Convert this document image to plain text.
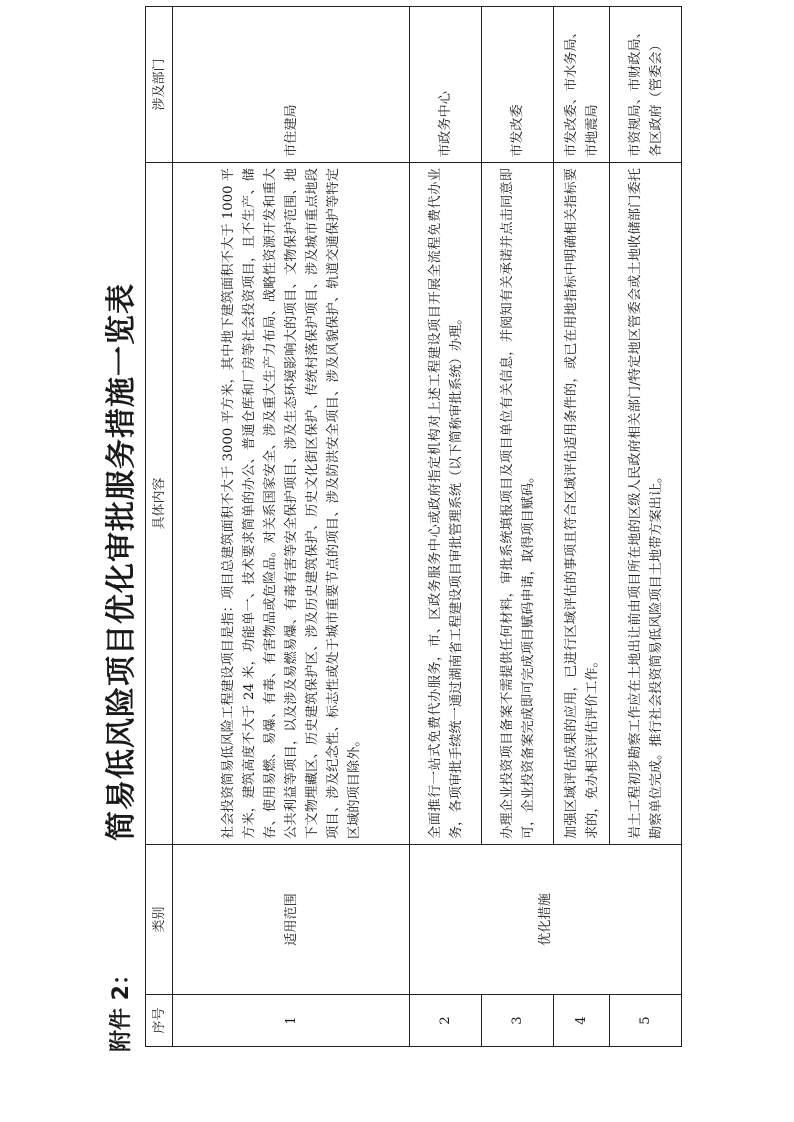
附件 2：
简易低风险项目优化审批服务措施一览表
序号	类别	具体内容	涉及部门
1	适用范围	社会投资简易低风险工程建设项目是指：项目总建筑面积不大于 3000 平方米，其中地下建筑面积不大于 1000 平方米，建筑高度不大于 24 米，功能单一、技术要求简单的办公、普通仓库和厂房等社会投资项目，且不生产、储存、使用易燃、易爆、有毒、有害物品或危险品。对关系国家安全、涉及重大生产力布局、战略性资源开发和重大公共利益等项目，以及涉及易燃易爆、有毒有害等安全保护项目、涉及生态环境影响大的项目、文物保护范围、地下文物埋藏区、历史建筑保护区、涉及历史建筑保护、历史文化街区保护、传统村落保护项目、涉及城市重点地段项目、涉及纪念性、标志性或处于城市重要节点的项目、涉及防洪安全项目、涉及风貌保护、轨道交通保护等特定区域的项目除外。	市住建局
2	优化措施	全面推行一站式免费代办服务，市、区政务服务中心或政府指定机构对上述工程建设项目开展全流程免费代办业务，各项审批手续统一通过湖南省工程建设项目审批管理系统（以下简称审批系统）办理。	市政务中心
3		办理企业投资项目备案不需提供任何材料，审批系统填报项目及项目单位有关信息，并阅知有关承诺并点击同意即可，企业投资备案完成即可完成项目赋码申请，取得项目赋码。	市发改委
4		加强区域评估成果的应用，已进行区域评估的事项且符合区域评估适用条件的，或已在用地指标中明确相关指标要求的，免办相关评估评价工作。	市发改委、市水务局、市地震局
5		岩土工程初步勘察工作应在土地出让前由项目所在地的区级人民政府相关部门/特定地区管委会或土地收储部门委托勘察单位完成。推行社会投资简易低风险项目土地带方案出让。	市资规局、市财政局、各区政府（管委会）
